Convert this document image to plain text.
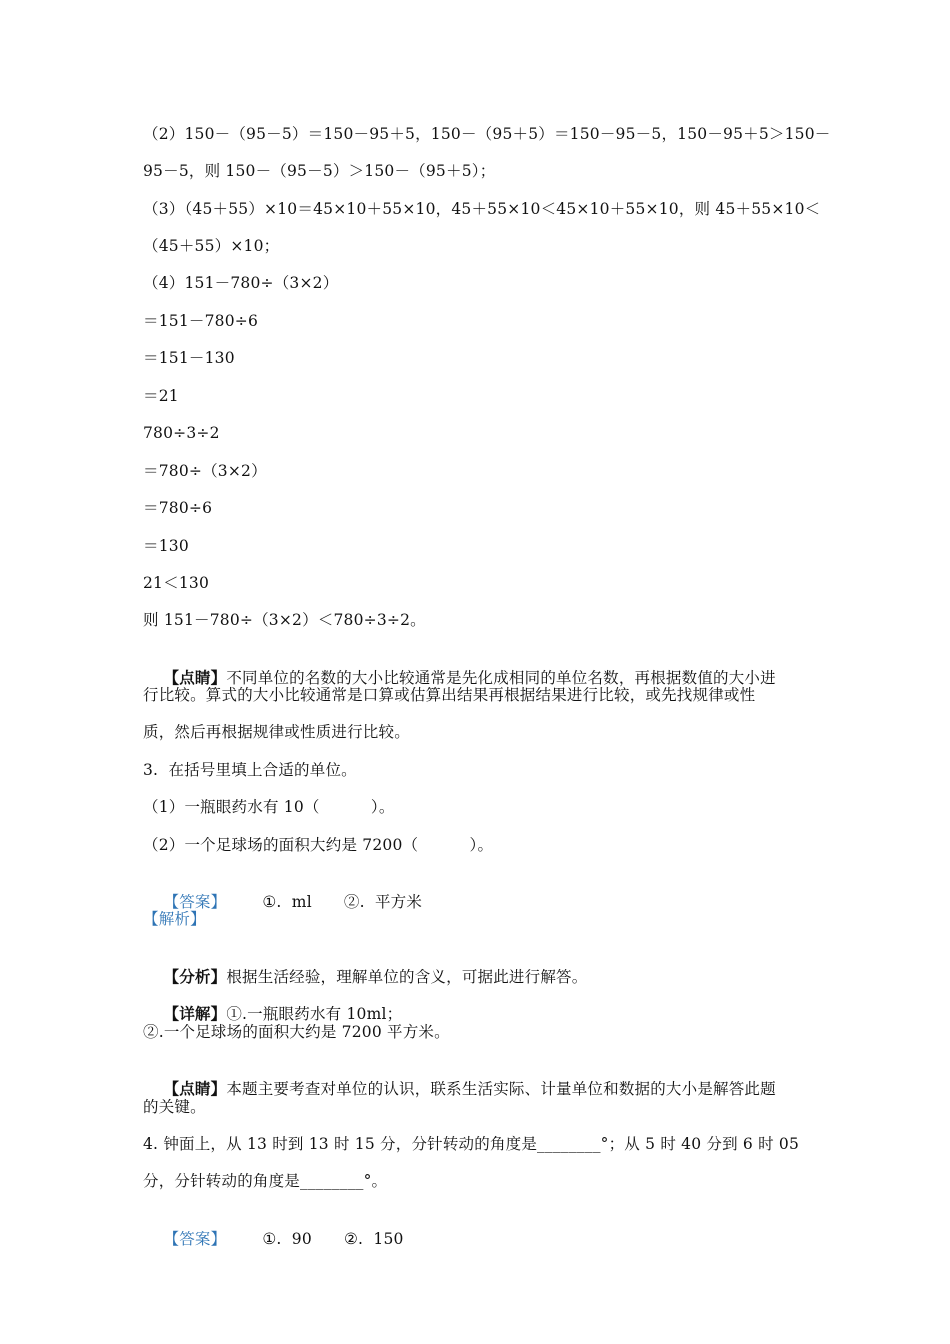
（2）150－（95－5）＝150－95＋5，150－（95＋5）＝150－95－5，150－95＋5＞150－
95－5，则 150－（95－5）＞150－（95＋5）；
（3）（45＋55）×10＝45×10＋55×10，45＋55×10＜45×10＋55×10，则 45＋55×10＜
（45＋55）×10；
（4）151－780÷（3×2）
＝151－780÷6
＝151－130
＝21
780÷3÷2
＝780÷（3×2）
＝780÷6
＝130
21＜130
则 151－780÷（3×2）＜780÷3÷2。

【点睛】不同单位的名数的大小比较通常是先化成相同的单位名数，再根据数值的大小进

行比较。算式的大小比较通常是口算或估算出结果再根据结果进行比较，或先找规律或性
质，然后再根据规律或性质进行比较。
3.  在括号里填上合适的单位。
（1）一瓶眼药水有 10（          ）。
（2）一个足球场的面积大约是 7200（          ）。

【答案】 ①.  ml ②.  平方米

【解析】

【分析】根据生活经验，理解单位的含义，可据此进行解答。

【详解】①.一瓶眼药水有 10ml；

②.一个足球场的面积大约是 7200 平方米。

【点睛】本题主要考查对单位的认识，联系生活实际、计量单位和数据的大小是解答此题

的关键。
4. 钟面上，从 13 时到 13 时 15 分，分针转动的角度是________°；从 5 时 40 分到 6 时 05
分，分针转动的角度是________°。

【答案】 ①.  90 ②.  150
